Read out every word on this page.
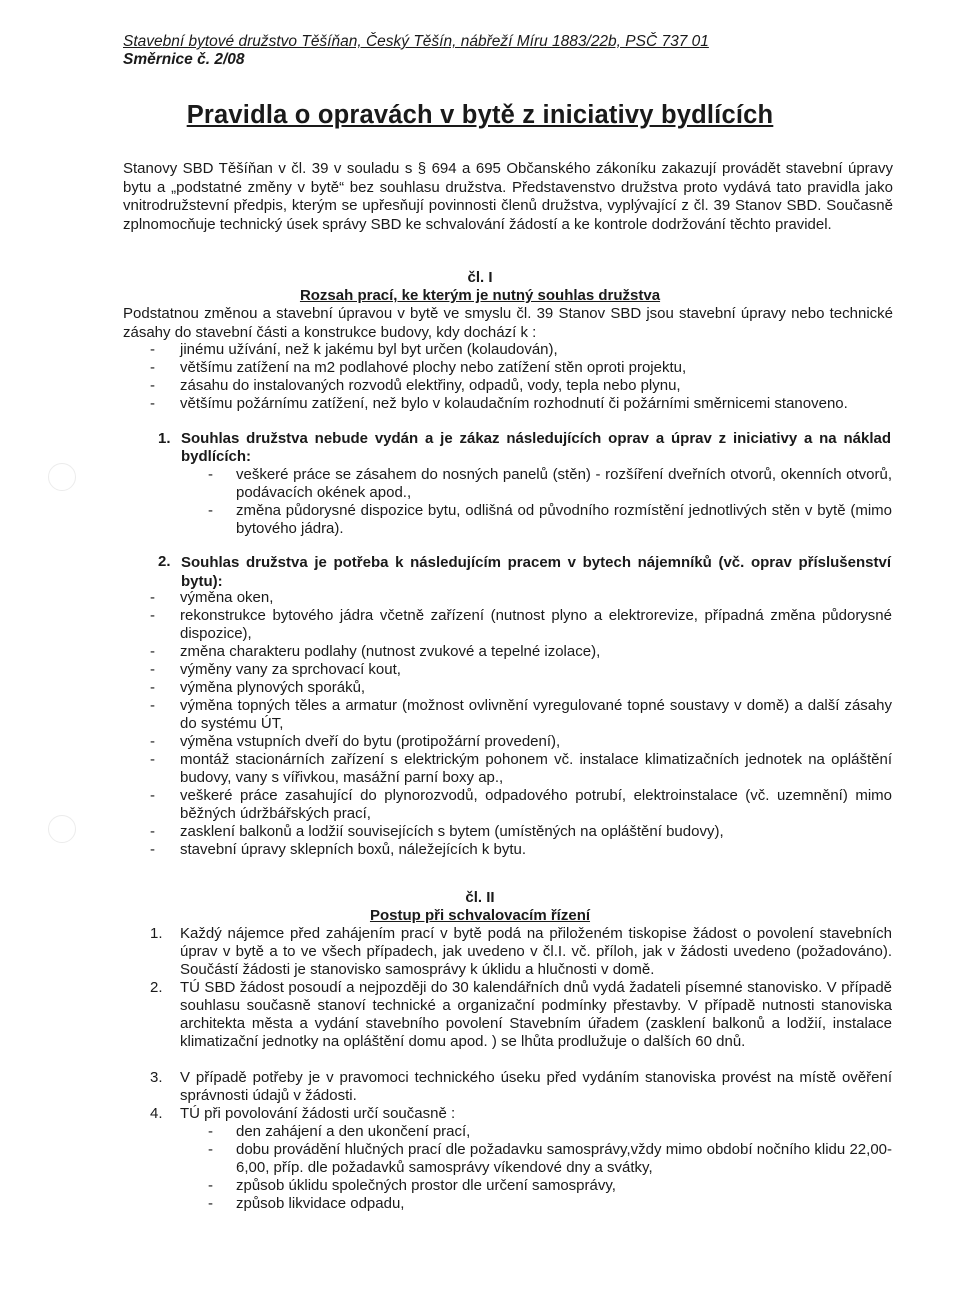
Stavební bytové družstvo Těšíňan, Český Těšín, nábřeží Míru 1883/22b, PSČ 737 01
Směrnice č. 2/08
Pravidla o opravách v bytě z iniciativy bydlících
Stanovy SBD Těšíňan v čl. 39 v souladu s § 694 a 695 Občanského zákoníku zakazují provádět stavební úpravy bytu a „podstatné změny v bytě“ bez souhlasu družstva. Představenstvo družstva proto vydává tato pravidla jako vnitrodružstevní předpis, kterým se upřesňují povinnosti členů družstva, vyplývající z čl. 39 Stanov SBD. Současně zplnomocňuje technický úsek správy SBD ke schvalování žádostí a ke kontrole dodržování těchto pravidel.
čl. I
Rozsah prací, ke kterým je nutný souhlas družstva
Podstatnou změnou a stavební úpravou v bytě ve smyslu čl. 39 Stanov SBD jsou stavební úpravy nebo technické zásahy do stavební části a konstrukce budovy, kdy dochází k :
- jinému užívání, než k jakému byl byt určen (kolaudován),
- většímu zatížení na m2 podlahové plochy nebo zatížení stěn oproti projektu,
- zásahu do instalovaných rozvodů elektřiny, odpadů, vody, tepla nebo plynu,
- většímu požárnímu zatížení, než bylo v kolaudačním rozhodnutí či požárními směrnicemi stanoveno.
1. Souhlas družstva nebude vydán a je zákaz následujících oprav a úprav z iniciativy a na náklad bydlících:
- veškeré práce se zásahem do nosných panelů (stěn) - rozšíření dveřních otvorů, okenních otvorů, podávacích okének apod.,
- změna půdorysné dispozice bytu, odlišná od původního rozmístění jednotlivých stěn v bytě (mimo bytového jádra).
2. Souhlas družstva je potřeba k následujícím pracem v bytech nájemníků (vč. oprav příslušenství bytu):
- výměna oken,
- rekonstrukce bytového jádra včetně zařízení (nutnost plyno a elektrorevize, případná změna půdorysné dispozice),
- změna charakteru podlahy (nutnost zvukové a tepelné izolace),
- výměny vany za sprchovací kout,
- výměna plynových sporáků,
- výměna topných těles a armatur (možnost ovlivnění vyregulované topné soustavy v domě) a další zásahy do systému ÚT,
- výměna vstupních dveří do bytu (protipožární provedení),
- montáž stacionárních zařízení s elektrickým pohonem vč. instalace klimatizačních jednotek na opláštění budovy, vany s vířivkou, masážní parní boxy ap.,
- veškeré práce zasahující do plynorozvodů, odpadového potrubí, elektroinstalace (vč. uzemnění) mimo běžných údržbářských prací,
- zasklení balkonů a lodžií souvisejících s bytem (umístěných na opláštění budovy),
- stavební úpravy sklepních boxů, náležejících k bytu.
čl. II
Postup při schvalovacím řízení
1. Každý nájemce před zahájením prací v bytě podá na přiloženém tiskopise žádost o povolení stavebních úprav v bytě a to ve všech případech, jak uvedeno v čl.I. vč. příloh, jak v žádosti uvedeno (požadováno). Součástí žádosti je stanovisko samosprávy k úklidu a hlučnosti v domě.
2. TÚ SBD žádost posoudí a nejpozději do 30 kalendářních dnů vydá žadateli písemné stanovisko. V případě souhlasu současně stanoví technické a organizační podmínky přestavby. V případě nutnosti stanoviska architekta města a vydání stavebního povolení Stavebním úřadem (zasklení balkonů a lodžií, instalace klimatizační jednotky na opláštění domu apod. ) se lhůta prodlužuje o dalších 60 dnů.
3. V případě potřeby je v pravomoci technického úseku před vydáním stanoviska provést na místě ověření správnosti údajů v žádosti.
4. TÚ při povolování žádosti určí současně :
- den zahájení a den ukončení prací,
- dobu provádění hlučných prací dle požadavku samosprávy,vždy mimo období nočního klidu 22,00-6,00, příp. dle požadavků samosprávy víkendové dny a svátky,
- způsob úklidu společných prostor dle určení samosprávy,
- způsob likvidace odpadu,
